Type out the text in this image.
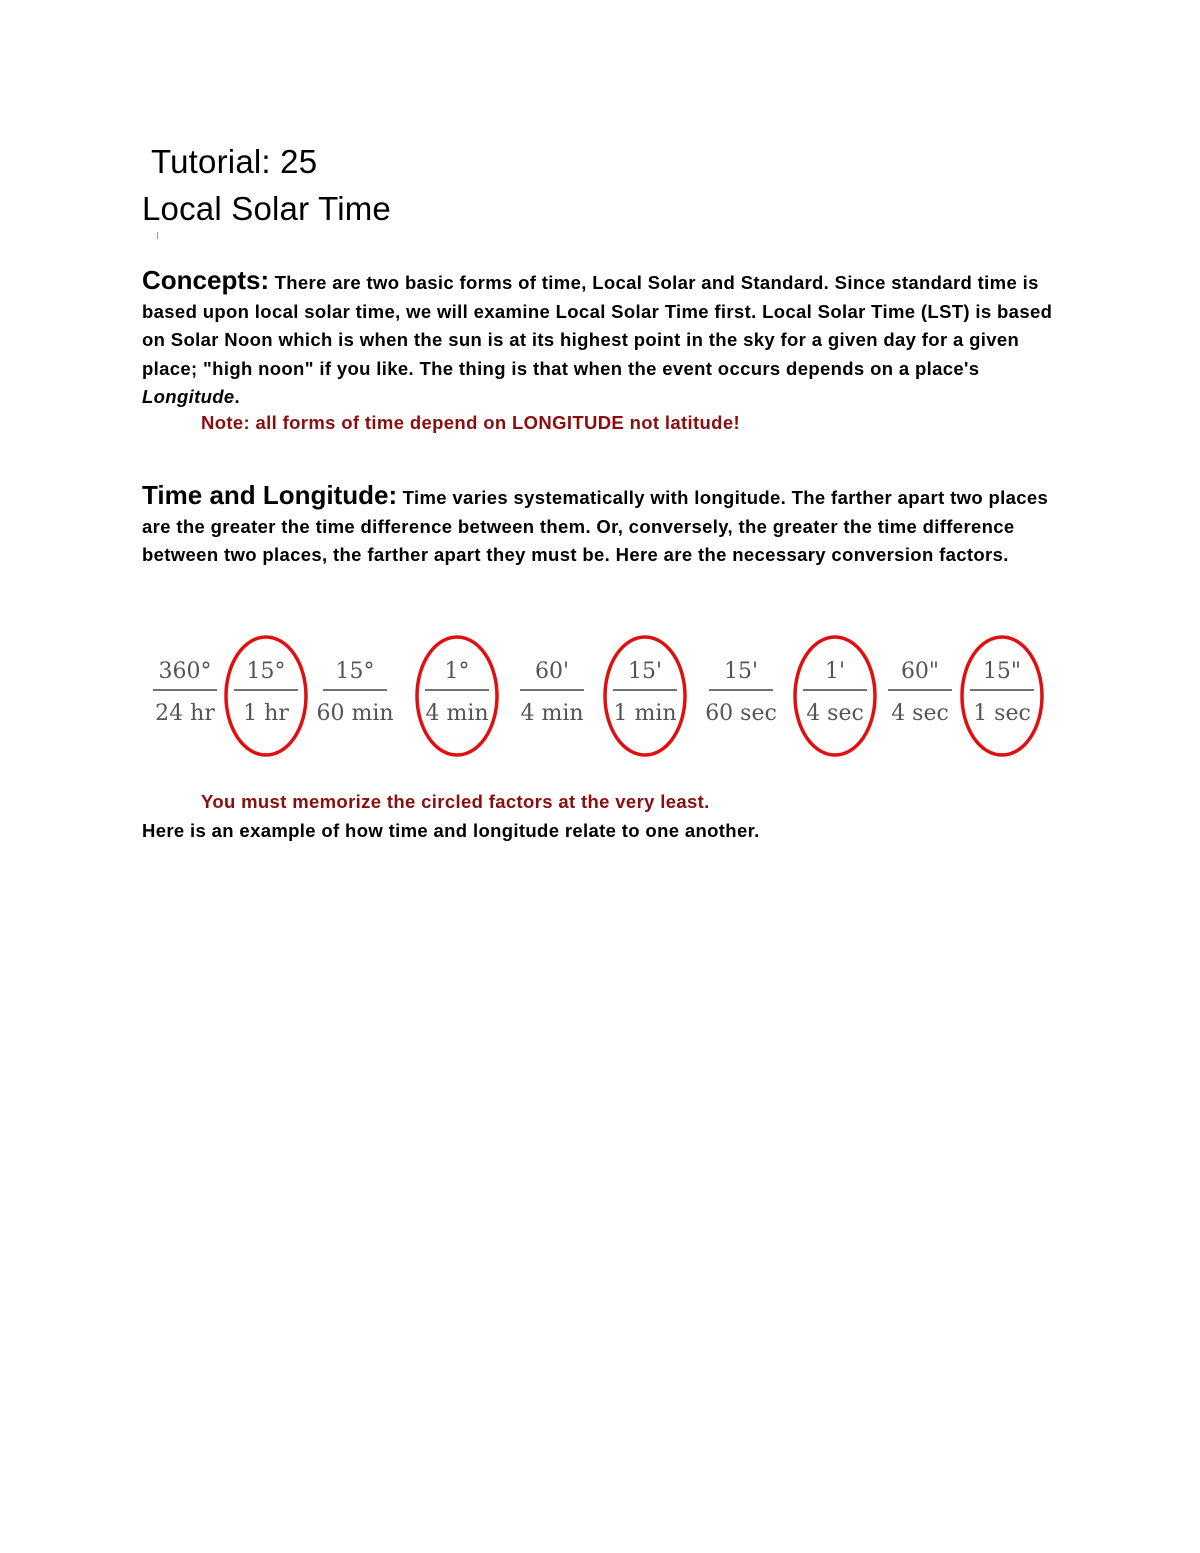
Tutorial: 25
Local Solar Time
Concepts: There are two basic forms of time, Local Solar and Standard. Since standard time is based upon local solar time, we will examine Local Solar Time first. Local Solar Time (LST) is based on Solar Noon which is when the sun is at its highest point in the sky for a given day for a given place; "high noon" if you like. The thing is that when the event occurs depends on a place's Longitude.
Note: all forms of time depend on LONGITUDE not latitude!
Time and Longitude: Time varies systematically with longitude. The farther apart two places are the greater the time difference between them. Or, conversely, the greater the time difference between two places, the farther apart they must be. Here are the necessary conversion factors.
360°
24 hr
15°
1 hr
15°
60 min
1°
4 min
60'
4 min
15'
1 min
15'
60 sec
1'
4 sec
60"
4 sec
15"
1 sec
You must memorize the circled factors at the very least.
Here is an example of how time and longitude relate to one another.
